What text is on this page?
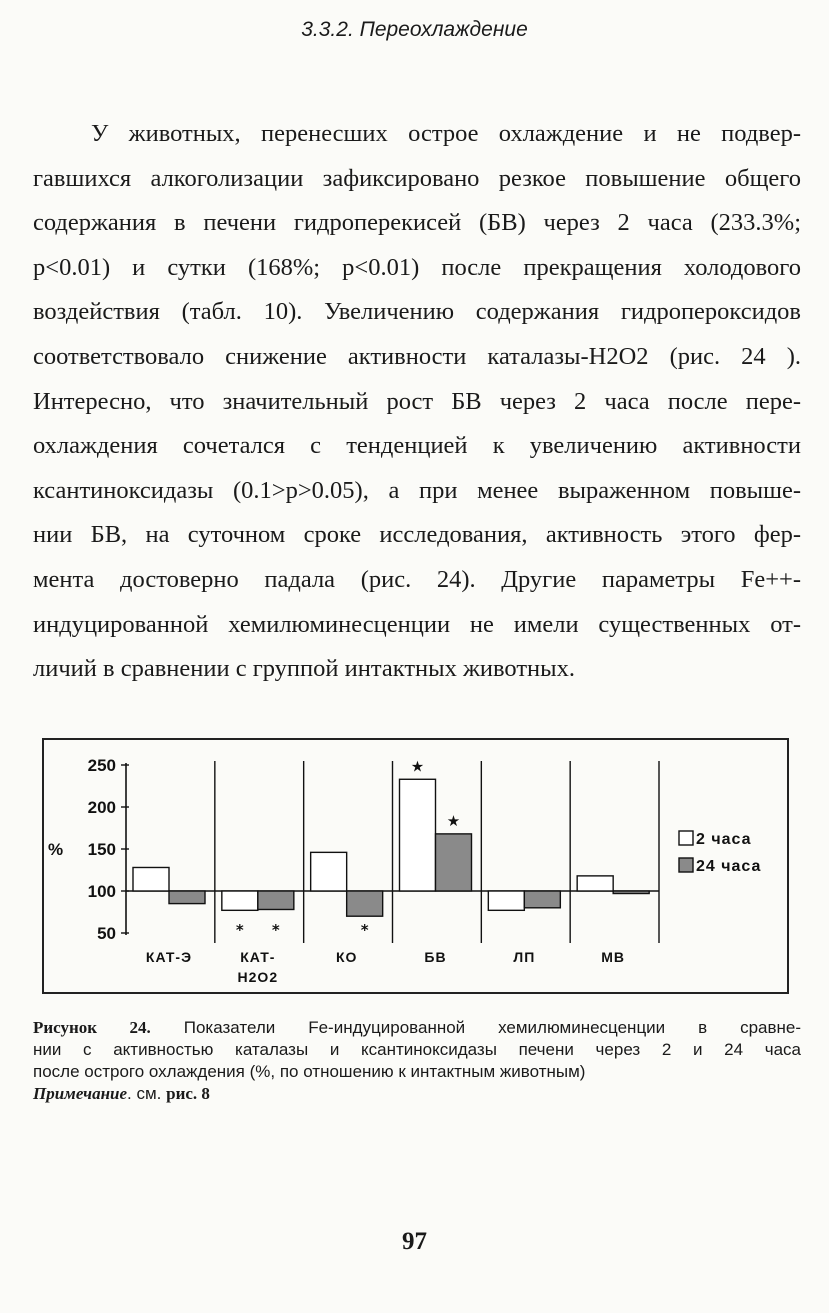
3.3.2. Переохлаждение
У животных, перенесших острое охлаждение и не подвер-
гавшихся алкоголизации зафиксировано резкое повышение общего
содержания в печени гидроперекисей (БВ) через 2 часа (233.3%;
p<0.01) и сутки (168%; p<0.01) после прекращения холодового
воздействия (табл. 10). Увеличению содержания гидропероксидов
соответствовало снижение активности каталазы-H2O2 (рис. 24 ).
Интересно, что значительный рост БВ через 2 часа после пере-
охлаждения сочетался с тенденцией к увеличению активности
ксантиноксидазы (0.1>p>0.05), а при менее выраженном повыше-
нии БВ, на суточном сроке исследования, активность этого фер-
мента достоверно падала (рис. 24). Другие параметры Fe++-
индуцированной хемилюминесценции не имели существенных от-
личий в сравнении с группой интактных животных.
50
100
150
200
250
%
КАТ-Э
* *
КАТ-
H2O2
*
КО
★
★
БВ	ЛП	МВ
2 часа
24 часа
Рисунок 24. Показатели Fe-индуцированной хемилюминесценции в сравне-
нии с активностью каталазы и ксантиноксидазы печени через 2 и 24 часа
после острого охлаждения (%, по отношению к интактным животным)
Примечание. см. рис. 8
97
